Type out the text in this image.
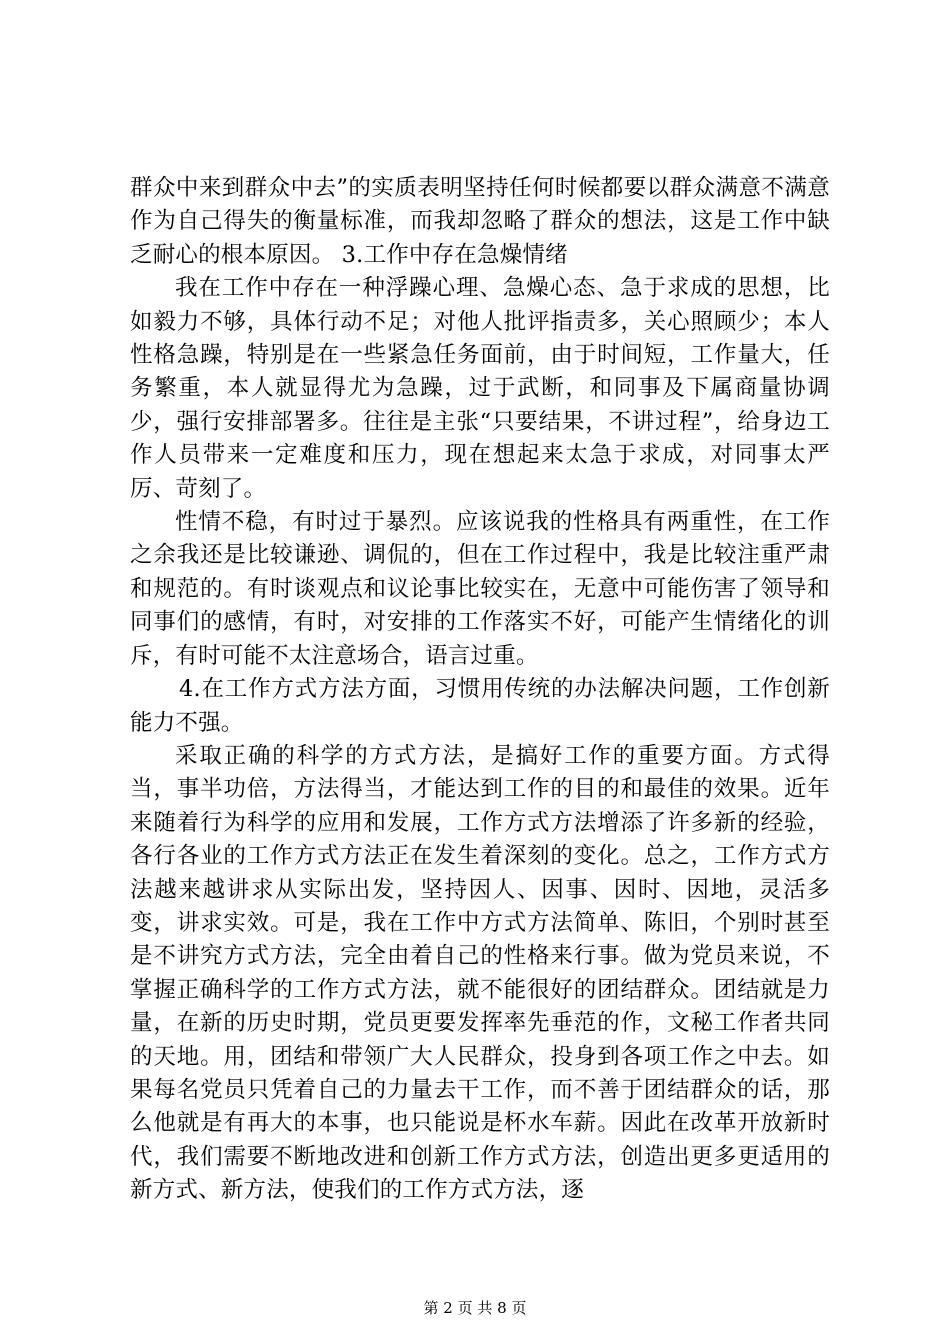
群众中来到群众中去”的实质表明坚持任何时候都要以群众满意不满意作为自己得失的衡量标准，而我却忽略了群众的想法，这是工作中缺乏耐心的根本原因。 3.工作中存在急燥情绪

我在工作中存在一种浮躁心理、急燥心态、急于求成的思想，比如毅力不够，具体行动不足；对他人批评指责多，关心照顾少；本人性格急躁，特别是在一些紧急任务面前，由于时间短，工作量大，任务繁重，本人就显得尤为急躁，过于武断，和同事及下属商量协调少，强行安排部署多。往往是主张“只要结果，不讲过程”，给身边工作人员带来一定难度和压力，现在想起来太急于求成，对同事太严厉、苛刻了。

性情不稳，有时过于暴烈。应该说我的性格具有两重性，在工作之余我还是比较谦逊、调侃的，但在工作过程中，我是比较注重严肃和规范的。有时谈观点和议论事比较实在，无意中可能伤害了领导和同事们的感情，有时，对安排的工作落实不好，可能产生情绪化的训斥，有时可能不太注意场合，语言过重。

4.在工作方式方法方面，习惯用传统的办法解决问题，工作创新能力不强。

采取正确的科学的方式方法，是搞好工作的重要方面。方式得当，事半功倍，方法得当，才能达到工作的目的和最佳的效果。近年来随着行为科学的应用和发展，工作方式方法增添了许多新的经验，各行各业的工作方式方法正在发生着深刻的变化。总之，工作方式方法越来越讲求从实际出发，坚持因人、因事、因时、因地，灵活多变，讲求实效。可是，我在工作中方式方法简单、陈旧，个别时甚至是不讲究方式方法，完全由着自己的性格来行事。做为党员来说，不掌握正确科学的工作方式方法，就不能很好的团结群众。团结就是力量，在新的历史时期，党员更要发挥率先垂范的作，文秘工作者共同的天地。用，团结和带领广大人民群众，投身到各项工作之中去。如果每名党员只凭着自己的力量去干工作，而不善于团结群众的话，那么他就是有再大的本事，也只能说是杯水车薪。因此在改革开放新时代，我们需要不断地改进和创新工作方式方法，创造出更多更适用的新方式、新方法，使我们的工作方式方法，逐

第 2 页 共 8 页
